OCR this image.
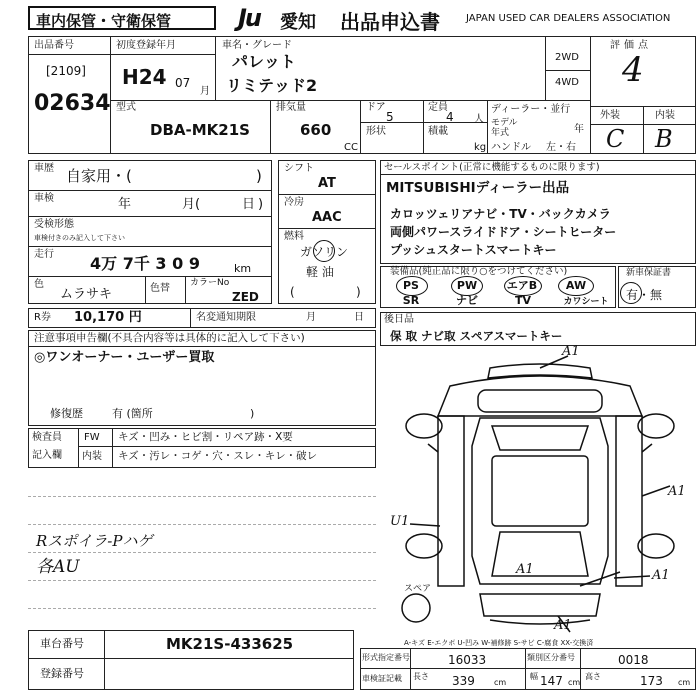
車内保管・守衛保管	Ju 愛知 出品申込書	JAPAN USED CAR DEALERS ASSOCIATION
出品番号
[2109]
02634
初度登録年月
H24 07
月
車名・グレード
パレット
リミテッド2
2WD
4WD
評価点
4
外装	内装
C B
型式
DBA-MK21S
排気量
660
CC
ドア
5
定員
4 人
形状	積載
kg
ディーラー・並行
モデル年式	年
ハンドル 左・右
車歴 自家用・(	)
車検	年	月(	日 )
受検形態
車検付きのみ記入して下さい
走行 4万 7千 3 0 9	km
色
ムラサキ	色替 カラーNo
ZED
シフト
AT
冷房
AAC
燃料
ガソリン
軽 油
(	)
セールスポイント(正常に機能するものに限ります)
MITSUBISHIディーラー出品
カロッツェリアナビ・TV・バックカメラ
両側パワースライドドア・シートヒーター
プッシュスタートスマートキー
装備品(純正品に限り○をつけてください)
PS	PW	エアB	AW
SR	ナビ	TV	カワシート
新車保証書
有・無
R券 10,170 円	名変通知期限	月	日
注意事項申告欄(不具合内容等は具体的に記入して下さい)
◎ワンオーナー・ユーザー買取
修復歴	有 (箇所	)
検査員
記入欄
FW キズ・凹み・ヒビ割・リペア跡・X要
内装 キズ・汚レ・コゲ・穴・スレ・キレ・破レ
Rスポイラ-Pハゲ
各AU
後日品
保 取 ナビ取 スペアスマートキー
A1
A1
U1
A1	A1
A1
スペア
A-キズ E-エクボ U-凹み W-補修跡 S-サビ C-腐食 XX-交換済
車台番号	MK21S-433625
登録番号
形式指定番号	16033	類別区分番号	0018
車検証記載 長さ 339 cm
幅 147 cm
高さ	173 cm
